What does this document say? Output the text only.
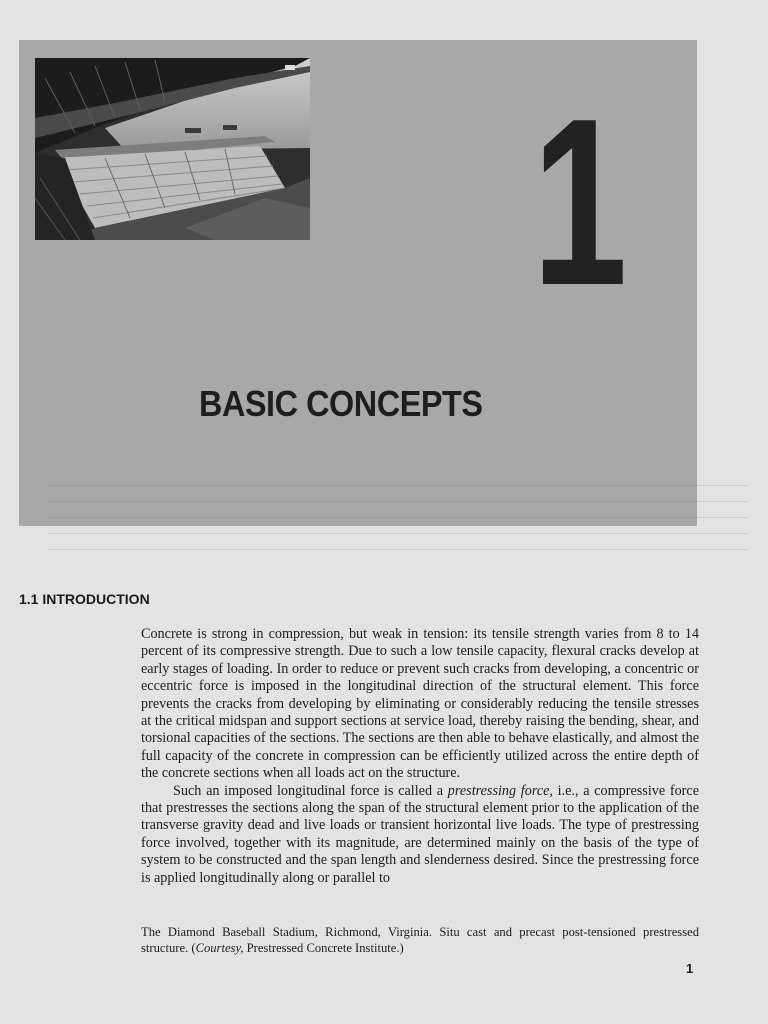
1
BASIC CONCEPTS
1.1 INTRODUCTION

Concrete is strong in compression, but weak in tension: its tensile strength varies from 8 to 14 percent of its compressive strength. Due to such a low tensile capacity, flexural cracks develop at early stages of loading. In order to reduce or prevent such cracks from developing, a concentric or eccentric force is imposed in the longitudinal direction of the structural element. This force prevents the cracks from developing by eliminating or considerably reducing the tensile stresses at the critical midspan and support sections at service load, thereby raising the bending, shear, and torsional capacities of the sections. The sections are then able to behave elastically, and almost the full capacity of the concrete in compression can be efficiently utilized across the entire depth of the concrete sections when all loads act on the structure.

Such an imposed longitudinal force is called a prestressing force, i.e., a compressive force that prestresses the sections along the span of the structural element prior to the application of the transverse gravity dead and live loads or transient horizontal live loads. The type of prestressing force involved, together with its magnitude, are determined mainly on the basis of the type of system to be constructed and the span length and slenderness desired. Since the prestressing force is applied longitudinally along or parallel to

The Diamond Baseball Stadium, Richmond, Virginia. Situ cast and precast post-tensioned prestressed structure. (Courtesy, Prestressed Concrete Institute.)
1
